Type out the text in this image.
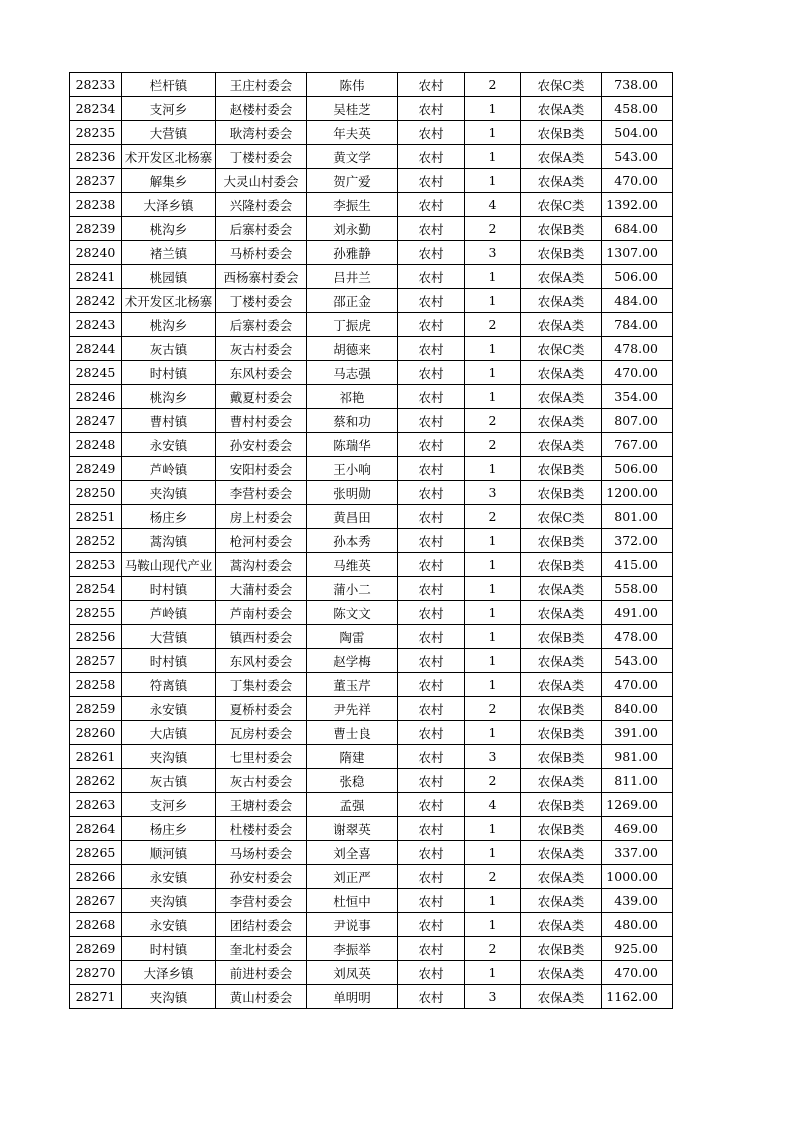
28233	栏杆镇	王庄村委会	陈伟	农村	2	农保C类	738.00
28234	支河乡	赵楼村委会	吴桂芝	农村	1	农保A类	458.00
28235	大营镇	耿湾村委会	年夫英	农村	1	农保B类	504.00
28236	术开发区北杨寨	丁楼村委会	黄文学	农村	1	农保A类	543.00
28237	解集乡	大灵山村委会	贺广爱	农村	1	农保A类	470.00
28238	大泽乡镇	兴隆村委会	李振生	农村	4	农保C类	1392.00
28239	桃沟乡	后寨村委会	刘永勤	农村	2	农保B类	684.00
28240	褚兰镇	马桥村委会	孙雅静	农村	3	农保B类	1307.00
28241	桃园镇	西杨寨村委会	吕井兰	农村	1	农保A类	506.00
28242	术开发区北杨寨	丁楼村委会	邵正金	农村	1	农保A类	484.00
28243	桃沟乡	后寨村委会	丁振虎	农村	2	农保A类	784.00
28244	灰古镇	灰古村委会	胡德来	农村	1	农保C类	478.00
28245	时村镇	东风村委会	马志强	农村	1	农保A类	470.00
28246	桃沟乡	戴夏村委会	祁艳	农村	1	农保A类	354.00
28247	曹村镇	曹村村委会	蔡和功	农村	2	农保A类	807.00
28248	永安镇	孙安村委会	陈瑞华	农村	2	农保A类	767.00
28249	芦岭镇	安阳村委会	王小响	农村	1	农保B类	506.00
28250	夹沟镇	李营村委会	张明勋	农村	3	农保B类	1200.00
28251	杨庄乡	房上村委会	黄昌田	农村	2	农保C类	801.00
28252	蒿沟镇	枪河村委会	孙本秀	农村	1	农保B类	372.00
28253	马鞍山现代产业	蒿沟村委会	马维英	农村	1	农保B类	415.00
28254	时村镇	大蒲村委会	蒲小二	农村	1	农保A类	558.00
28255	芦岭镇	芦南村委会	陈文文	农村	1	农保A类	491.00
28256	大营镇	镇西村委会	陶雷	农村	1	农保B类	478.00
28257	时村镇	东风村委会	赵学梅	农村	1	农保A类	543.00
28258	符离镇	丁集村委会	董玉芹	农村	1	农保A类	470.00
28259	永安镇	夏桥村委会	尹先祥	农村	2	农保B类	840.00
28260	大店镇	瓦房村委会	曹士良	农村	1	农保B类	391.00
28261	夹沟镇	七里村委会	隋建	农村	3	农保B类	981.00
28262	灰古镇	灰古村委会	张稳	农村	2	农保A类	811.00
28263	支河乡	王塘村委会	孟强	农村	4	农保B类	1269.00
28264	杨庄乡	杜楼村委会	谢翠英	农村	1	农保B类	469.00
28265	顺河镇	马场村委会	刘全喜	农村	1	农保A类	337.00
28266	永安镇	孙安村委会	刘正严	农村	2	农保A类	1000.00
28267	夹沟镇	李营村委会	杜恒中	农村	1	农保A类	439.00
28268	永安镇	团结村委会	尹说事	农村	1	农保A类	480.00
28269	时村镇	奎北村委会	李振举	农村	2	农保B类	925.00
28270	大泽乡镇	前进村委会	刘凤英	农村	1	农保A类	470.00
28271	夹沟镇	黄山村委会	单明明	农村	3	农保A类	1162.00
